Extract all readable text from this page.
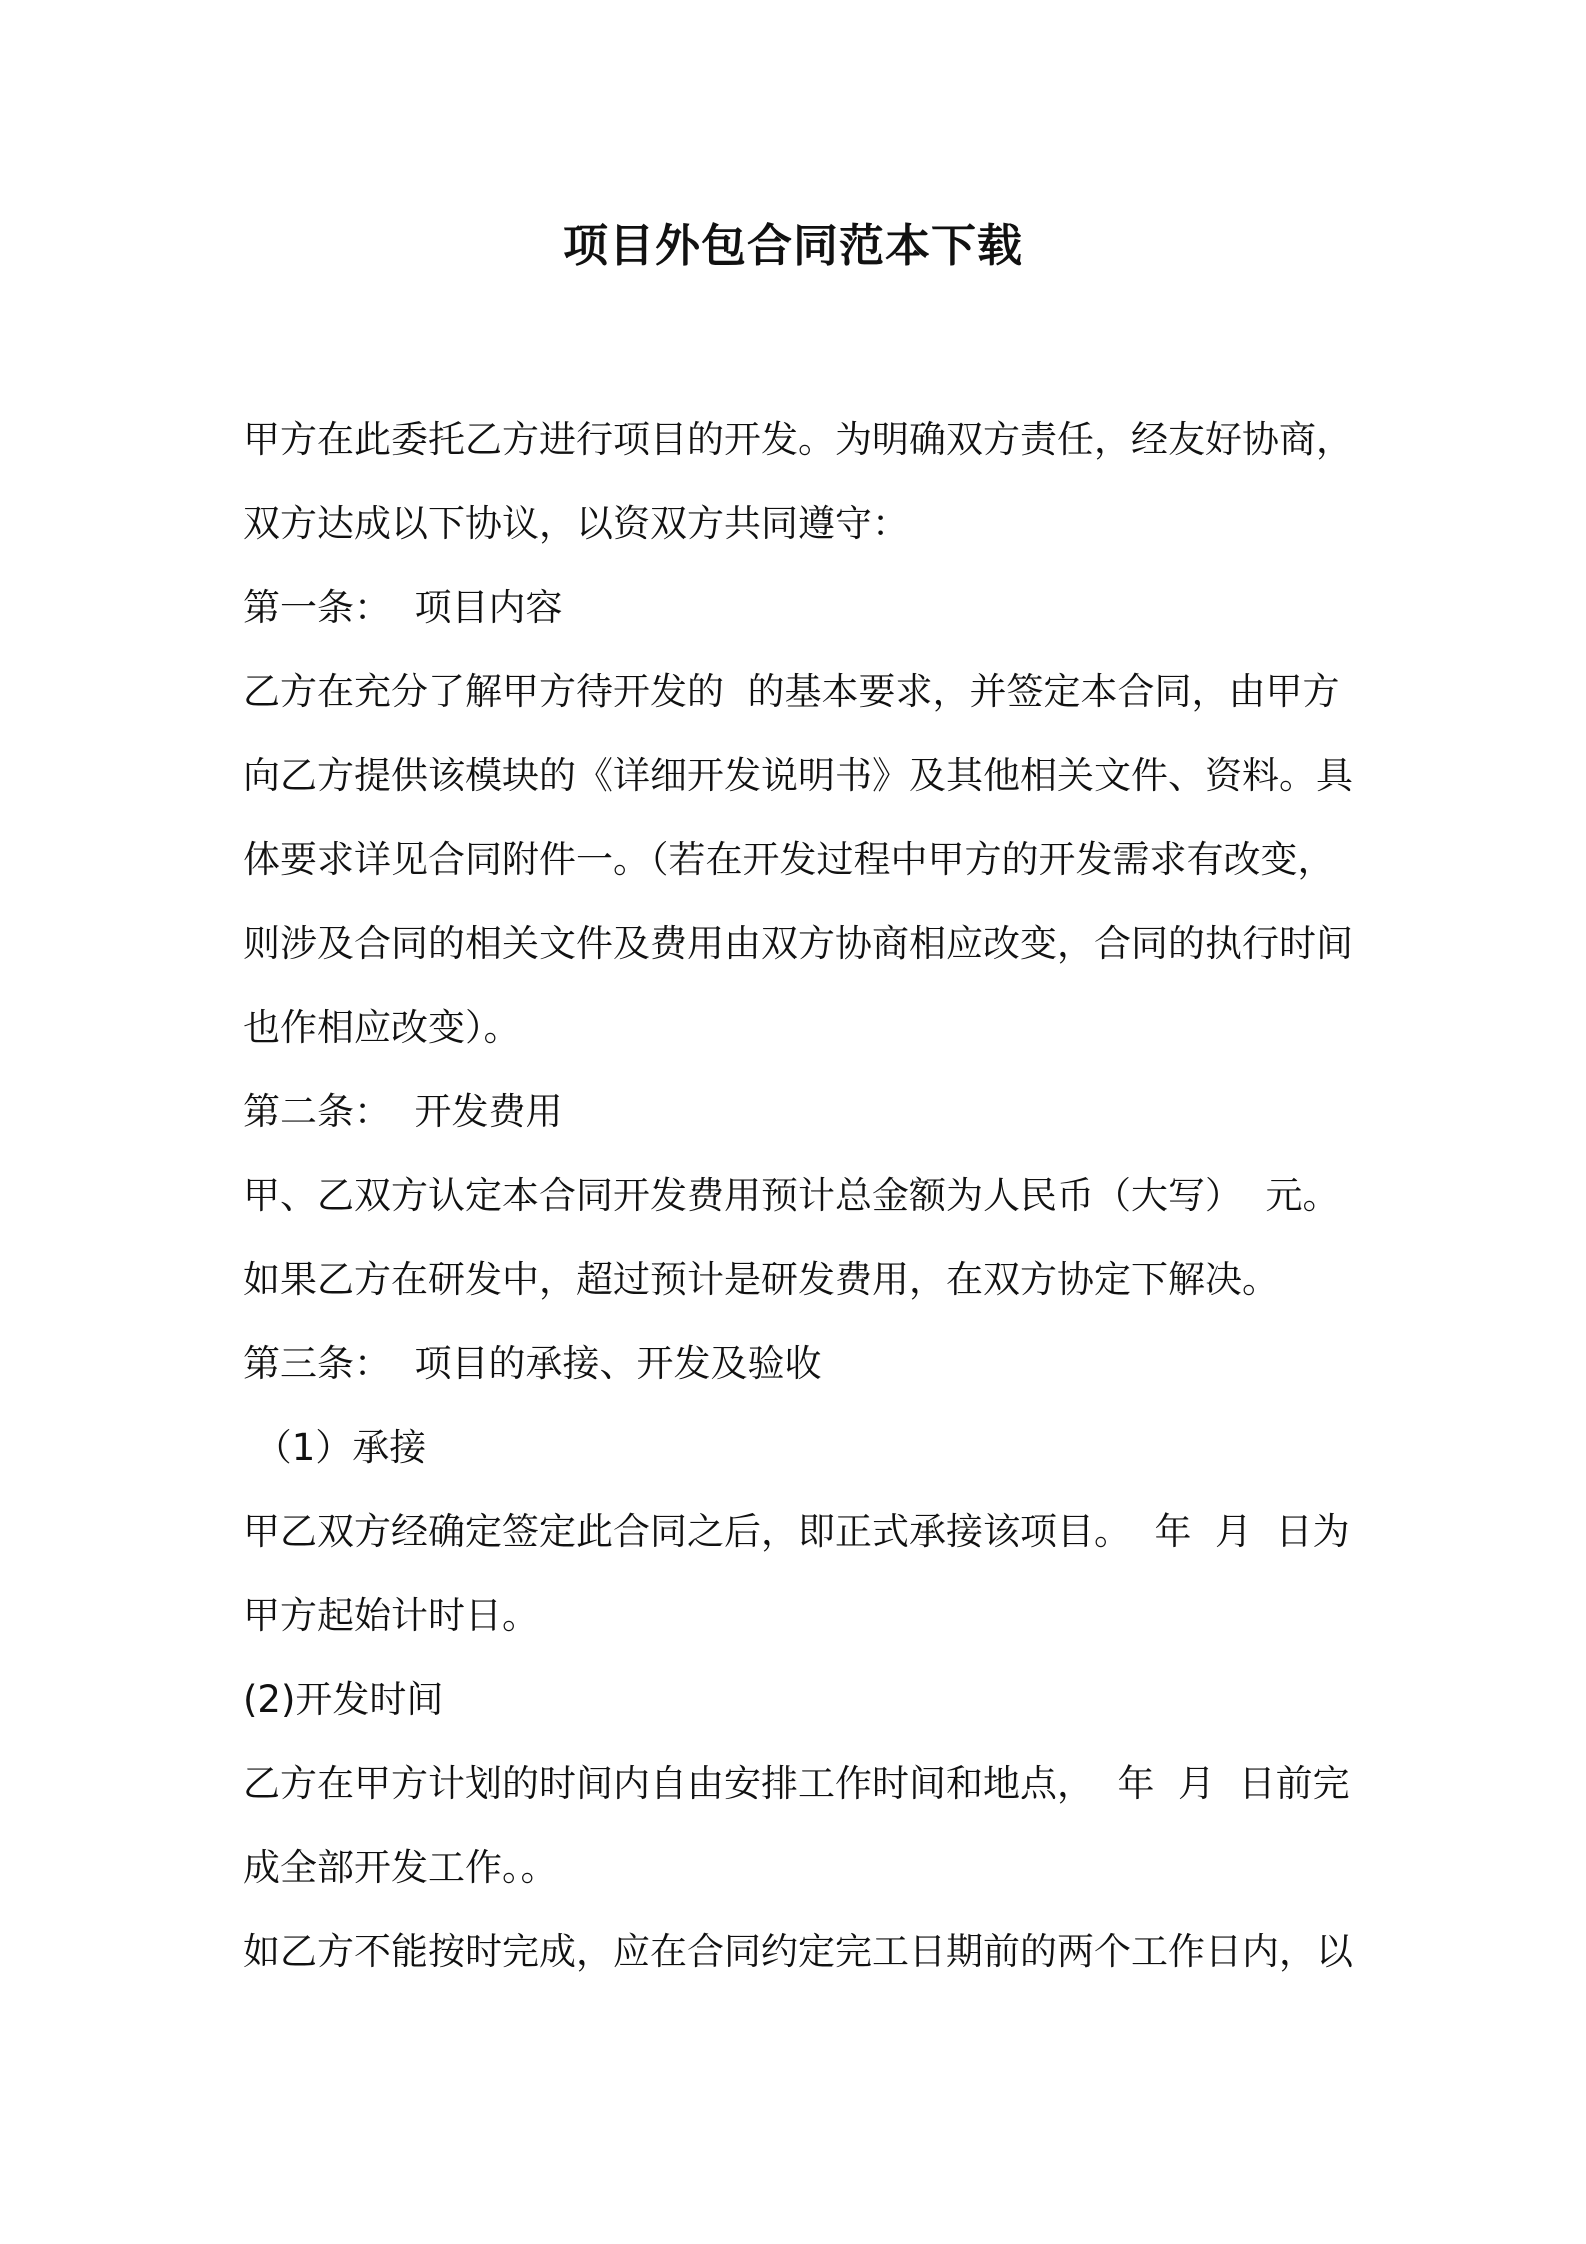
项目外包合同范本下载
甲方在此委托乙方进行项目的开发。为明确双方责任，经友好协商，
双方达成以下协议，以资双方共同遵守：
第一条：  项目内容
乙方在充分了解甲方待开发的  的基本要求，并签定本合同，由甲方
向乙方提供该模块的《详细开发说明书》及其他相关文件、资料。具
体要求详见合同附件一。（若在开发过程中甲方的开发需求有改变，
则涉及合同的相关文件及费用由双方协商相应改变，合同的执行时间
也作相应改变）。
第二条：  开发费用
甲、乙双方认定本合同开发费用预计总金额为人民币（大写）  元。
如果乙方在研发中，超过预计是研发费用，在双方协定下解决。
第三条：  项目的承接、开发及验收
（1）承接
甲乙双方经确定签定此合同之后，即正式承接该项目。  年  月  日为
甲方起始计时日。
(2)开发时间
乙方在甲方计划的时间内自由安排工作时间和地点，  年  月  日前完
成全部开发工作。。
如乙方不能按时完成，应在合同约定完工日期前的两个工作日内，以
